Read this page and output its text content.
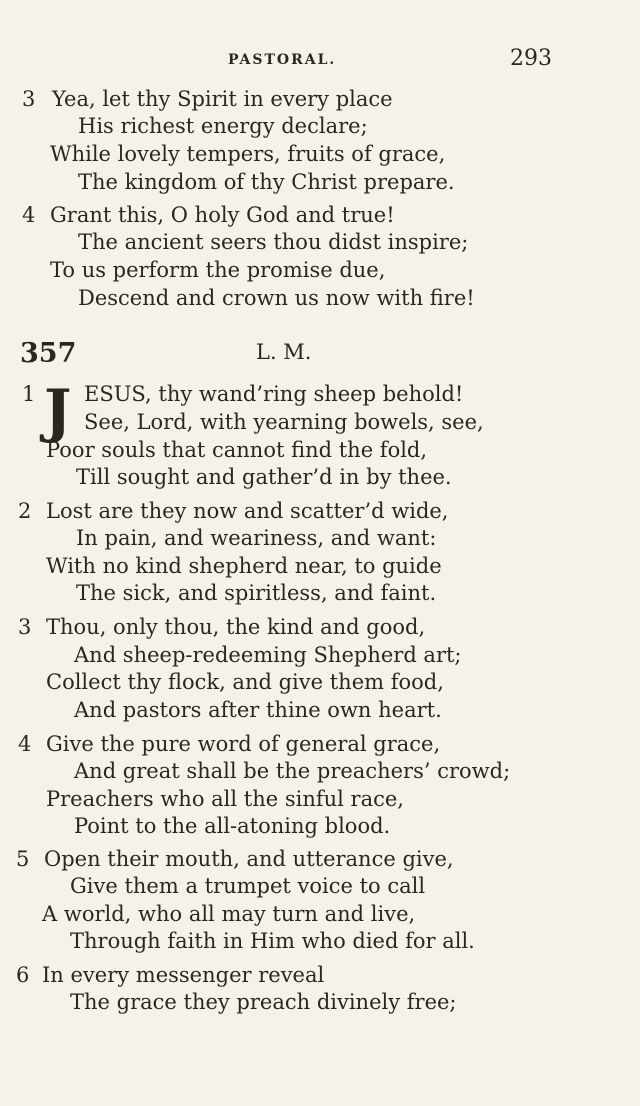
PASTORAL.	293
3 Yea, let thy Spirit in every place
His richest energy declare;
While lovely tempers, fruits of grace,
The kingdom of thy Christ prepare.
4 Grant this, O holy God and true!
The ancient seers thou didst inspire;
To us perform the promise due,
Descend and crown us now with fire!
357	L. M.
1 J ESUS, thy wand’ring sheep behold!
See, Lord, with yearning bowels, see,
Poor souls that cannot find the fold,
Till sought and gather’d in by thee.
2 Lost are they now and scatter’d wide,
In pain, and weariness, and want:
With no kind shepherd near, to guide
The sick, and spiritless, and faint.
3 Thou, only thou, the kind and good,
And sheep-redeeming Shepherd art;
Collect thy flock, and give them food,
And pastors after thine own heart.
4 Give the pure word of general grace,
And great shall be the preachers’ crowd;
Preachers who all the sinful race,
Point to the all-atoning blood.
5 Open their mouth, and utterance give,
Give them a trumpet voice to call
A world, who all may turn and live,
Through faith in Him who died for all.
6 In every messenger reveal
The grace they preach divinely free;
